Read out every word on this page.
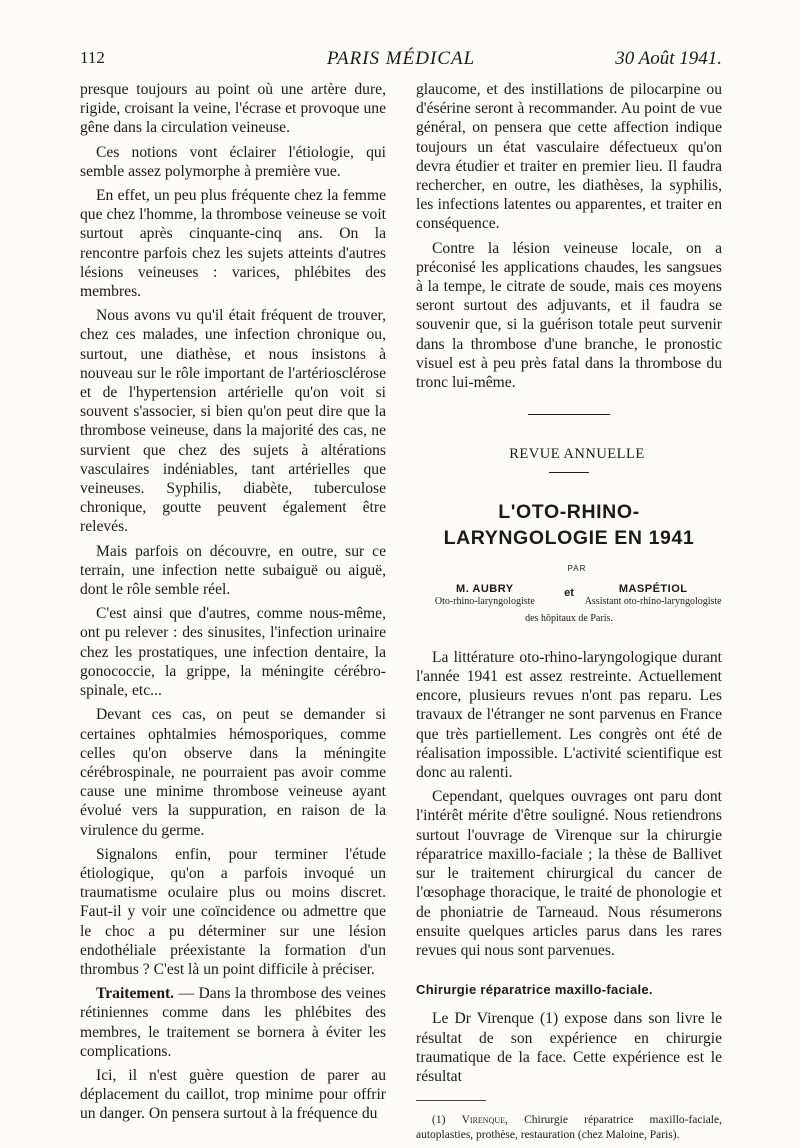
112	PARIS MÉDICAL	30 Août 1941.

presque toujours au point où une artère dure, rigide, croisant la veine, l'écrase et provoque une gêne dans la circulation veineuse.

Ces notions vont éclairer l'étiologie, qui semble assez polymorphe à première vue.

En effet, un peu plus fréquente chez la femme que chez l'homme, la thrombose veineuse se voit surtout après cinquante-cinq ans. On la rencontre parfois chez les sujets atteints d'autres lésions veineuses : varices, phlébites des membres.

Nous avons vu qu'il était fréquent de trouver, chez ces malades, une infection chronique ou, surtout, une diathèse, et nous insistons à nouveau sur le rôle important de l'artériosclérose et de l'hypertension artérielle qu'on voit si souvent s'associer, si bien qu'on peut dire que la thrombose veineuse, dans la majorité des cas, ne survient que chez des sujets à altérations vasculaires indéniables, tant artérielles que veineuses. Syphilis, diabète, tuberculose chronique, goutte peuvent également être relevés.

Mais parfois on découvre, en outre, sur ce terrain, une infection nette subaiguë ou aiguë, dont le rôle semble réel.

C'est ainsi que d'autres, comme nous-même, ont pu relever : des sinusites, l'infection urinaire chez les prostatiques, une infection dentaire, la gonococcie, la grippe, la méningite cérébro-spinale, etc...

Devant ces cas, on peut se demander si certaines ophtalmies hémosporiques, comme celles qu'on observe dans la méningite cérébrospinale, ne pourraient pas avoir comme cause une minime thrombose veineuse ayant évolué vers la suppuration, en raison de la virulence du germe.

Signalons enfin, pour terminer l'étude étiologique, qu'on a parfois invoqué un traumatisme oculaire plus ou moins discret. Faut-il y voir une coïncidence ou admettre que le choc a pu déterminer sur une lésion endothéliale préexistante la formation d'un thrombus ? C'est là un point difficile à préciser.

Traitement. — Dans la thrombose des veines rétiniennes comme dans les phlébites des membres, le traitement se bornera à éviter les complications.

Ici, il n'est guère question de parer au déplacement du caillot, trop minime pour offrir un danger. On pensera surtout à la fréquence du

glaucome, et des instillations de pilocarpine ou d'ésérine seront à recommander. Au point de vue général, on pensera que cette affection indique toujours un état vasculaire défectueux qu'on devra étudier et traiter en premier lieu. Il faudra rechercher, en outre, les diathèses, la syphilis, les infections latentes ou apparentes, et traiter en conséquence.

Contre la lésion veineuse locale, on a préconisé les applications chaudes, les sangsues à la tempe, le citrate de soude, mais ces moyens seront surtout des adjuvants, et il faudra se souvenir que, si la guérison totale peut survenir dans la thrombose d'une branche, le pronostic visuel est à peu près fatal dans la thrombose du tronc lui-même.

REVUE ANNUELLE

L'OTO-RHINO-
LARYNGOLOGIE EN 1941

PAR

M. AUBRY
Oto-rhino-laryngologiste
et	MASPÉTIOL
Assistant oto-rhino-laryngologiste
des hôpitaux de Paris.

La littérature oto-rhino-laryngologique durant l'année 1941 est assez restreinte. Actuellement encore, plusieurs revues n'ont pas reparu. Les travaux de l'étranger ne sont parvenus en France que très partiellement. Les congrès ont été de réalisation impossible. L'activité scientifique est donc au ralenti.

Cependant, quelques ouvrages ont paru dont l'intérêt mérite d'être souligné. Nous retiendrons surtout l'ouvrage de Virenque sur la chirurgie réparatrice maxillo-faciale ; la thèse de Ballivet sur le traitement chirurgical du cancer de l'œsophage thoracique, le traité de phonologie et de phoniatrie de Tarneaud. Nous résumerons ensuite quelques articles parus dans les rares revues qui nous sont parvenues.

Chirurgie réparatrice maxillo-faciale.

Le Dr Virenque (1) expose dans son livre le résultat de son expérience en chirurgie traumatique de la face. Cette expérience est le résultat

(1) Virenque, Chirurgie réparatrice maxillo-faciale, autoplasties, prothèse, restauration (chez Maloine, Paris).
